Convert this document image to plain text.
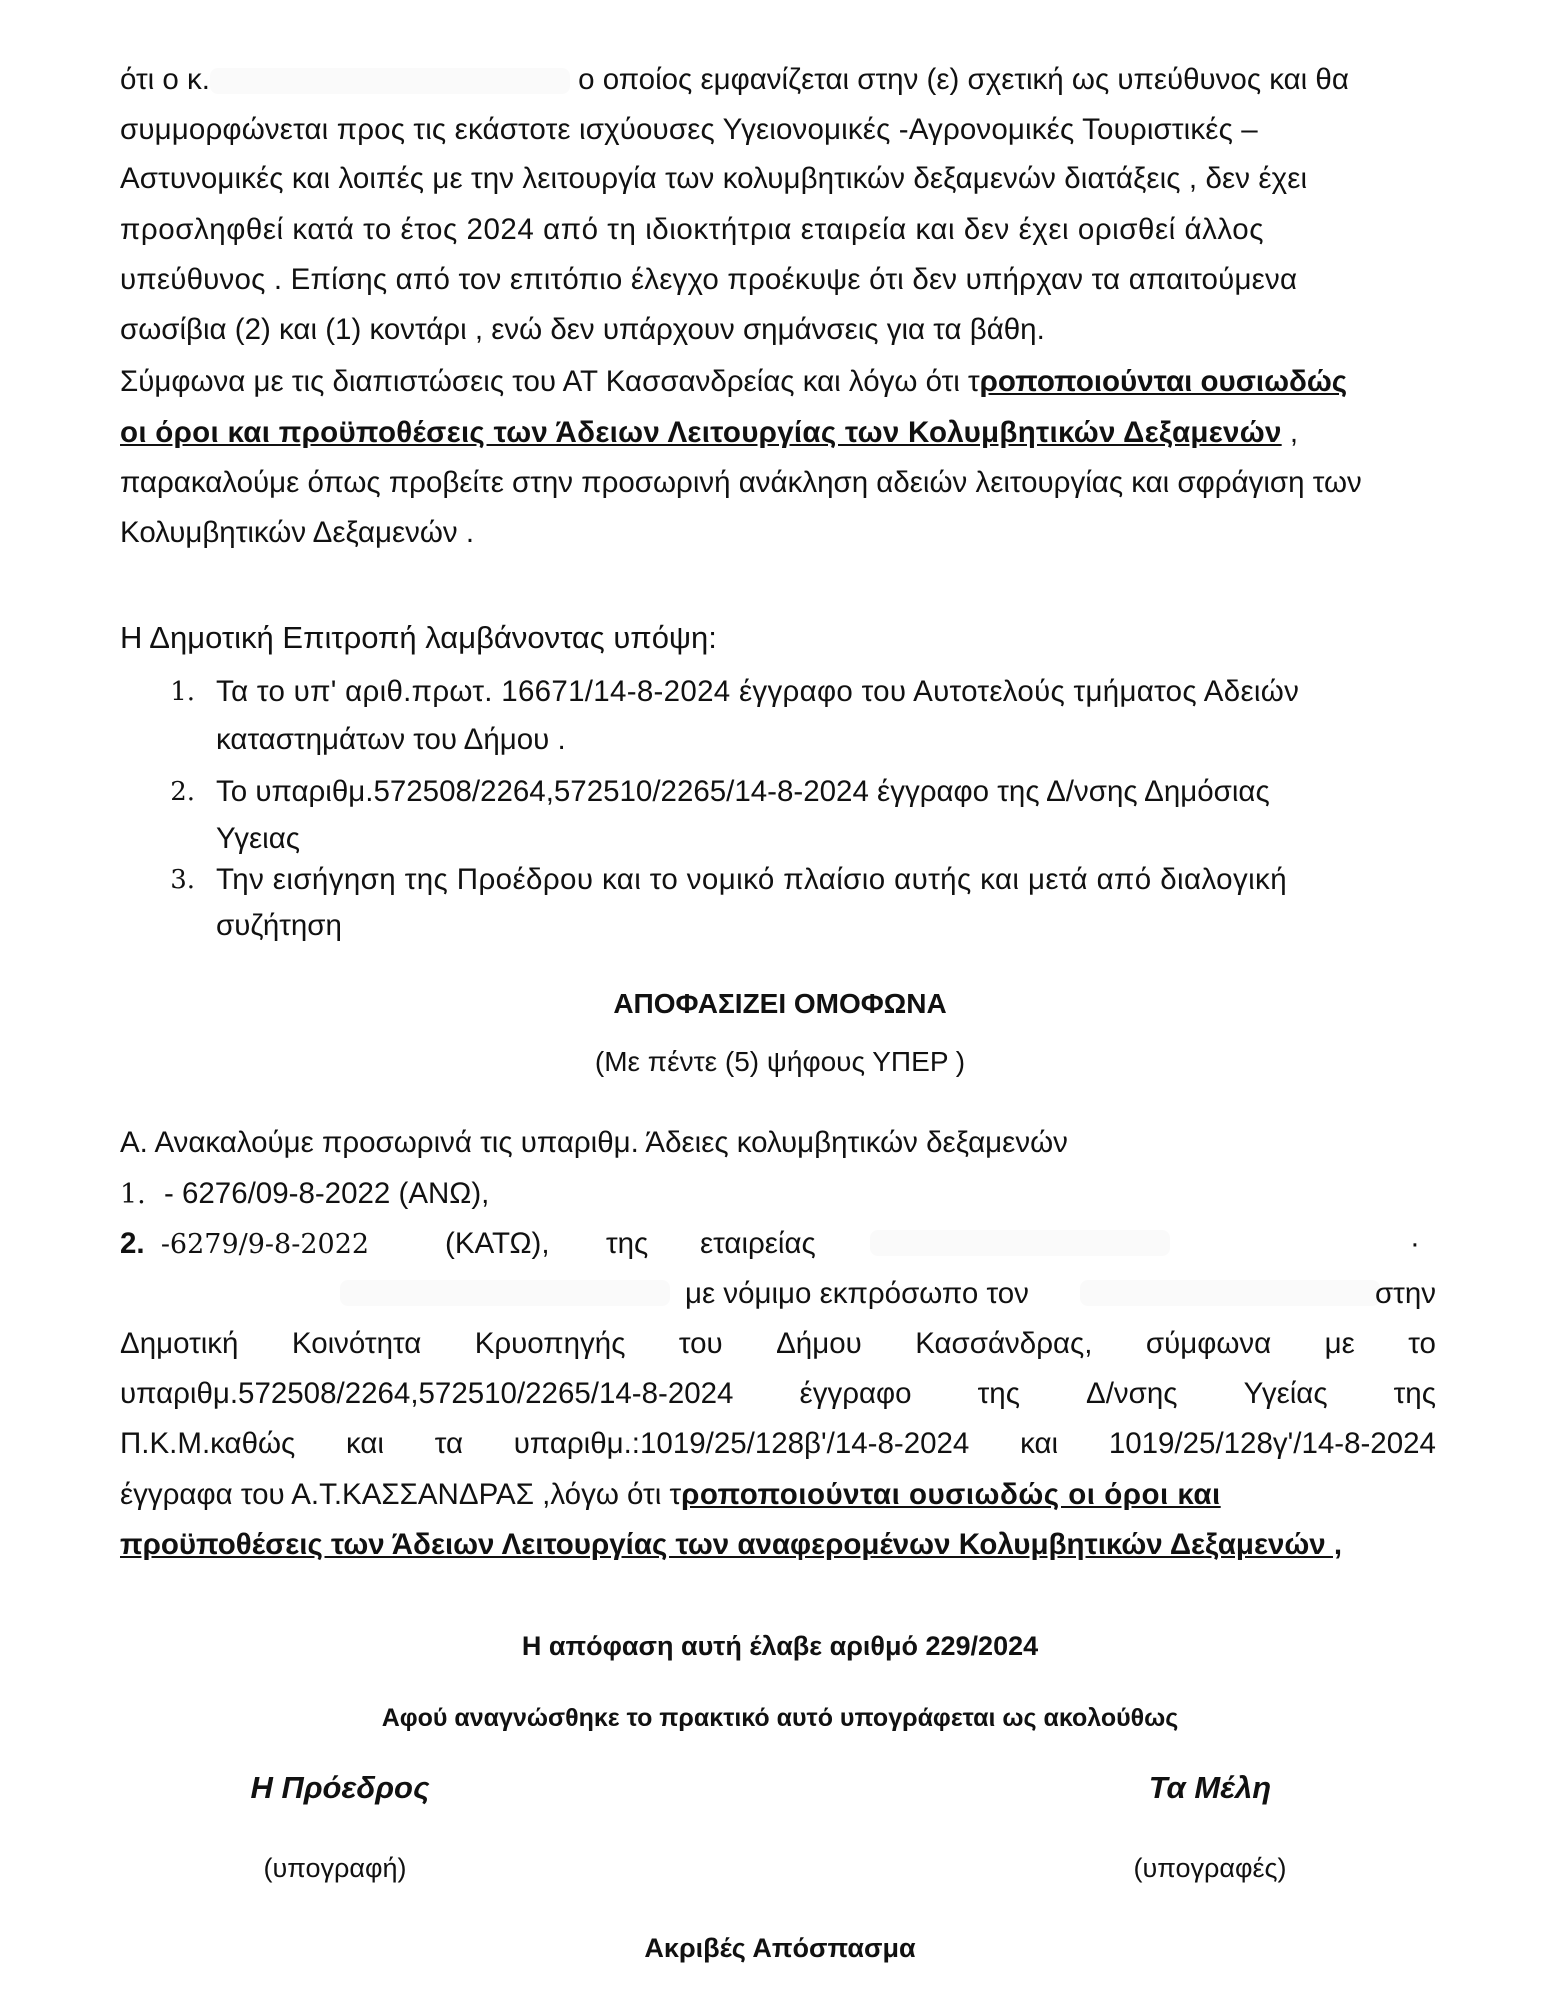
ότι ο κ.	ο οποίος εμφανίζεται στην (ε) σχετική ως υπεύθυνος και θα
συμμορφώνεται προς τις εκάστοτε ισχύουσες Υγειονομικές -Αγρονομικές Τουριστικές –
Αστυνομικές και λοιπές με την λειτουργία των κολυμβητικών δεξαμενών διατάξεις , δεν έχει
προσληφθεί κατά το έτος 2024 από τη ιδιοκτήτρια εταιρεία και δεν έχει ορισθεί άλλος
υπεύθυνος . Επίσης από τον επιτόπιο έλεγχο προέκυψε ότι δεν υπήρχαν τα απαιτούμενα
σωσίβια (2) και (1) κοντάρι , ενώ δεν υπάρχουν σημάνσεις για τα βάθη.
Σύμφωνα με τις διαπιστώσεις του ΑΤ Κασσανδρείας και λόγω ότι τροποποιούνται ουσιωδώς
οι όροι και προϋποθέσεις των Άδειων Λειτουργίας των Κολυμβητικών Δεξαμενών ,
παρακαλούμε όπως προβείτε στην προσωρινή ανάκληση αδειών λειτουργίας και σφράγιση των
Κολυμβητικών Δεξαμενών .
Η Δημοτική Επιτροπή λαμβάνοντας υπόψη:
1. Τα το υπ' αριθ.πρωτ. 16671/14-8-2024 έγγραφο του Αυτοτελούς τμήματος Αδειών
καταστημάτων του Δήμου .
2. Το υπαριθμ.572508/2264,572510/2265/14-8-2024 έγγραφο της Δ/νσης Δημόσιας
Υγειας
3. Την εισήγηση της Προέδρου και το νομικό πλαίσιο αυτής και μετά από διαλογική
συζήτηση
ΑΠΟΦΑΣΙΖΕΙ ΟΜΟΦΩΝΑ
(Με πέντε (5) ψήφους ΥΠΕΡ )
Α. Ανακαλούμε προσωρινά τις υπαριθμ. Άδειες κολυμβητικών δεξαμενών
1. - 6276/09-8-2022 (ΑΝΩ),
2. -6279/9-8-2022	(ΚΑΤΩ), της εταιρείας	·
με νόμιμο εκπρόσωπο τον	στην
Δημοτική Κοινότητα Κρυοπηγής του Δήμου Κασσάνδρας, σύμφωνα με το
υπαριθμ.572508/2264,572510/2265/14-8-2024 έγγραφο της Δ/νσης Υγείας της
Π.Κ.Μ.καθώς και τα υπαριθμ.:1019/25/128β'/14-8-2024 και 1019/25/128γ'/14-8-2024
έγγραφα του Α.Τ.ΚΑΣΣΑΝΔΡΑΣ ,λόγω ότι τροποποιούνται ουσιωδώς οι όροι και
προϋποθέσεις των Άδειων Λειτουργίας των αναφερομένων Κολυμβητικών Δεξαμενών ,
Η απόφαση αυτή έλαβε αριθμό 229/2024
Αφού αναγνώσθηκε το πρακτικό αυτό υπογράφεται ως ακολούθως
Η Πρόεδρος	Τα Μέλη
(υπογραφή)	(υπογραφές)
Ακριβές Απόσπασμα
